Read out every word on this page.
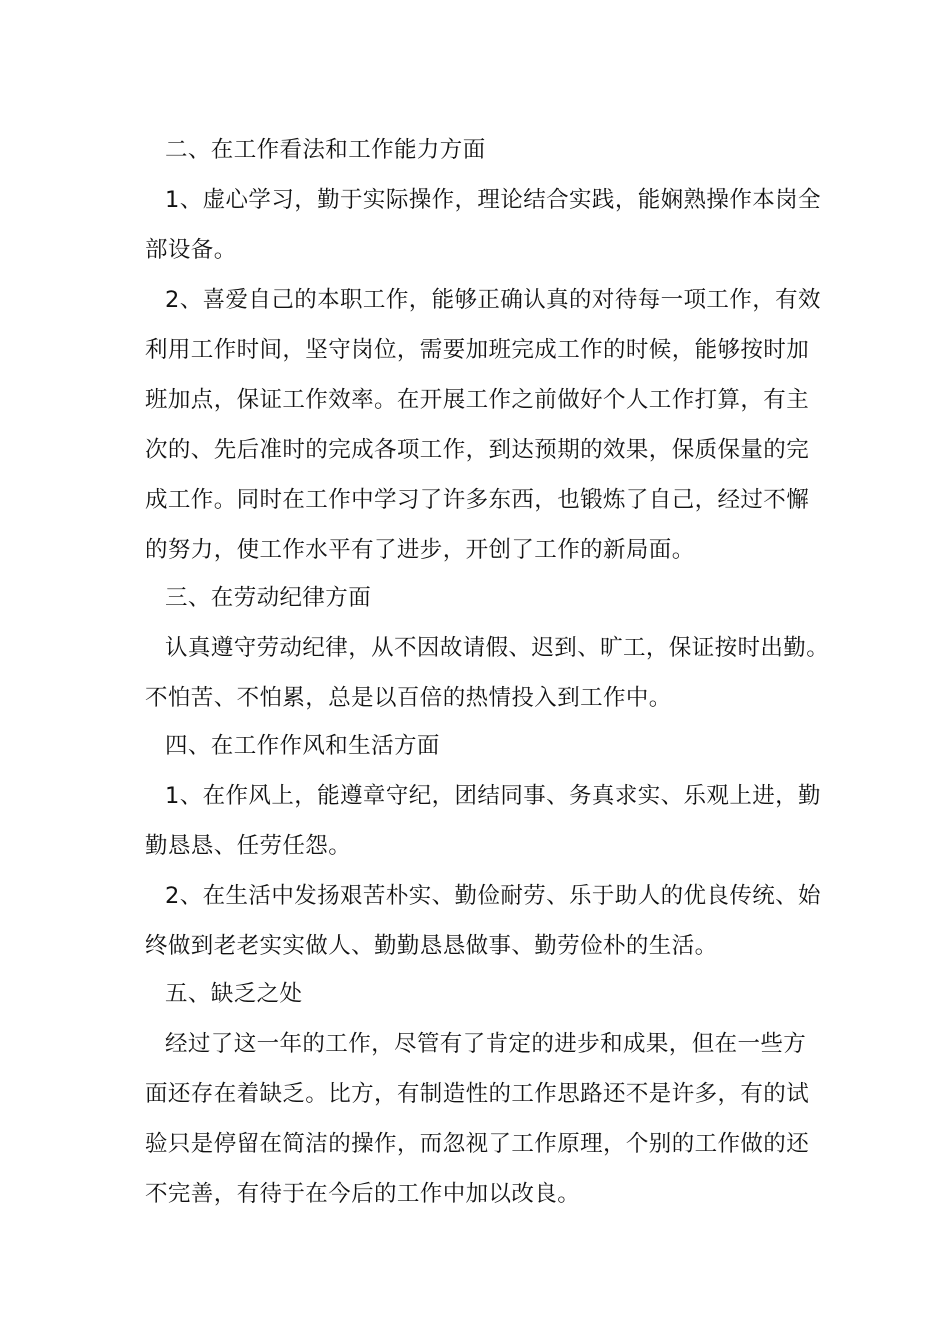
二、在工作看法和工作能力方面
1、虚心学习，勤于实际操作，理论结合实践，能娴熟操作本岗全
部设备。
2、喜爱自己的本职工作，能够正确认真的对待每一项工作，有效
利用工作时间，坚守岗位，需要加班完成工作的时候，能够按时加
班加点，保证工作效率。在开展工作之前做好个人工作打算，有主
次的、先后准时的完成各项工作，到达预期的效果，保质保量的完
成工作。同时在工作中学习了许多东西，也锻炼了自己，经过不懈
的努力，使工作水平有了进步，开创了工作的新局面。
三、在劳动纪律方面
认真遵守劳动纪律，从不因故请假、迟到、旷工，保证按时出勤。
不怕苦、不怕累，总是以百倍的热情投入到工作中。
四、在工作作风和生活方面
1、在作风上，能遵章守纪，团结同事、务真求实、乐观上进，勤
勤恳恳、任劳任怨。
2、在生活中发扬艰苦朴实、勤俭耐劳、乐于助人的优良传统、始
终做到老老实实做人、勤勤恳恳做事、勤劳俭朴的生活。
五、缺乏之处
经过了这一年的工作，尽管有了肯定的进步和成果，但在一些方
面还存在着缺乏。比方，有制造性的工作思路还不是许多，有的试
验只是停留在简洁的操作，而忽视了工作原理，个别的工作做的还
不完善，有待于在今后的工作中加以改良。
